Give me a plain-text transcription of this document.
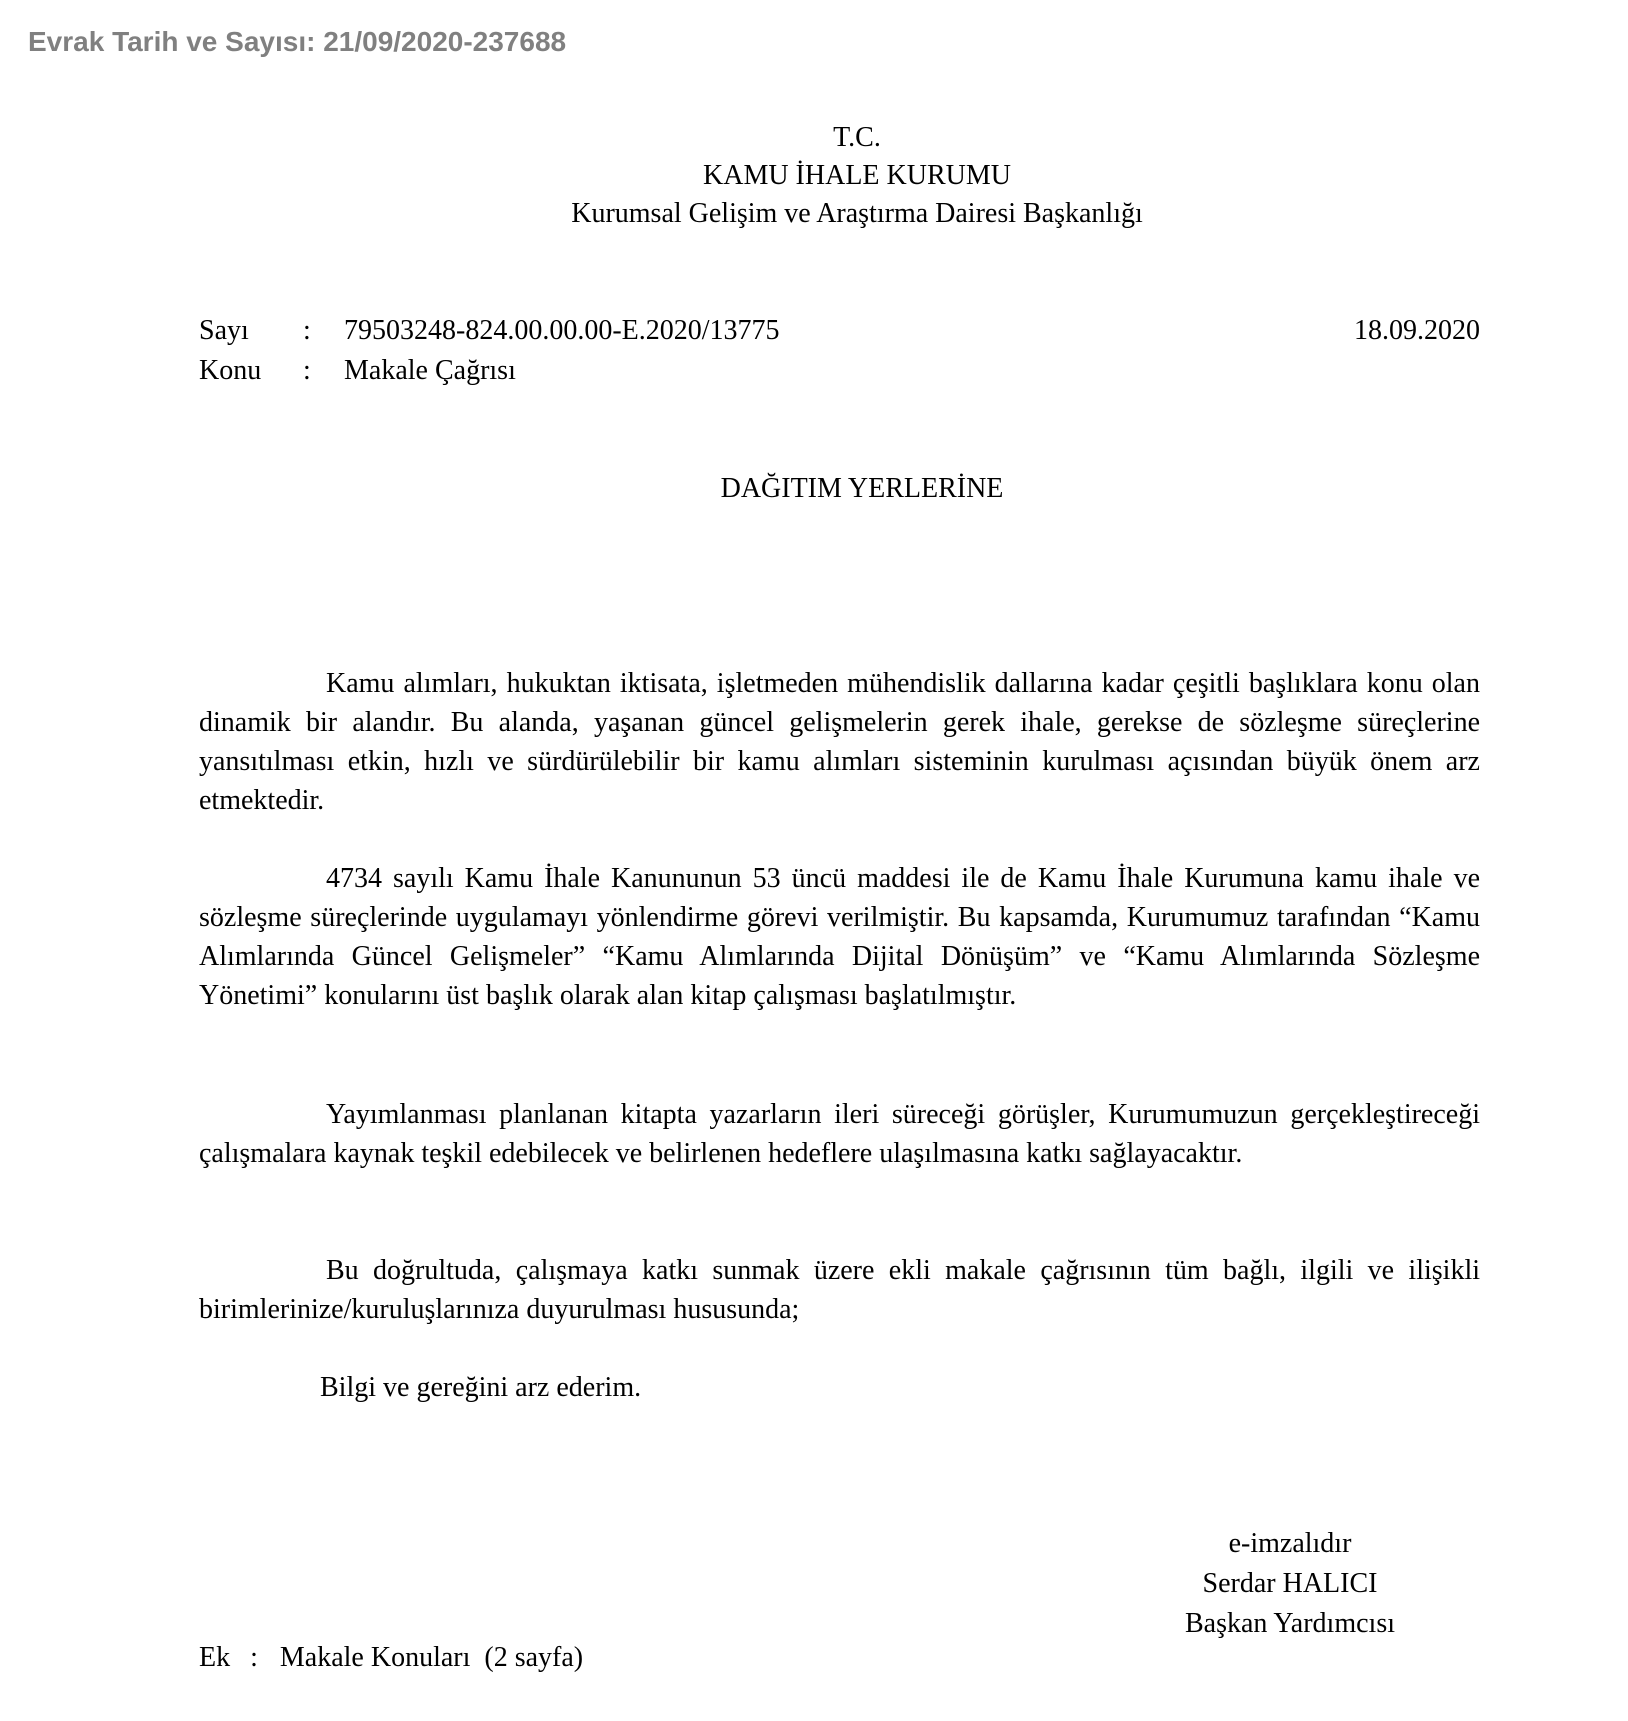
Evrak Tarih ve Sayısı: 21/09/2020-237688
T.C.
KAMU İHALE KURUMU
Kurumsal Gelişim ve Araştırma Dairesi Başkanlığı
Sayı : 79503248-824.00.00.00-E.2020/13775	18.09.2020
Konu : Makale Çağrısı
DAĞITIM YERLERİNE

Kamu alımları, hukuktan iktisata, işletmeden mühendislik dallarına kadar çeşitli başlıklara konu olan dinamik bir alandır. Bu alanda, yaşanan güncel gelişmelerin gerek ihale, gerekse de sözleşme süreçlerine yansıtılması etkin, hızlı ve sürdürülebilir bir kamu alımları sisteminin kurulması açısından büyük önem arz etmektedir.

4734 sayılı Kamu İhale Kanununun 53 üncü maddesi ile de Kamu İhale Kurumuna kamu ihale ve sözleşme süreçlerinde uygulamayı yönlendirme görevi verilmiştir. Bu kapsamda, Kurumumuz tarafından “Kamu Alımlarında Güncel Gelişmeler” “Kamu Alımlarında Dijital Dönüşüm” ve “Kamu Alımlarında Sözleşme Yönetimi” konularını üst başlık olarak alan kitap çalışması başlatılmıştır.

Yayımlanması planlanan kitapta yazarların ileri süreceği görüşler, Kurumumuzun gerçekleştireceği çalışmalara kaynak teşkil edebilecek ve belirlenen hedeflere ulaşılmasına katkı sağlayacaktır.

Bu doğrultuda, çalışmaya katkı sunmak üzere ekli makale çağrısının tüm bağlı, ilgili ve ilişikli birimlerinize/kuruluşlarınıza duyurulması hususunda;

Bilgi ve gereğini arz ederim.
e-imzalıdır
Serdar HALICI
Başkan Yardımcısı
Ek : Makale Konuları  (2 sayfa)
